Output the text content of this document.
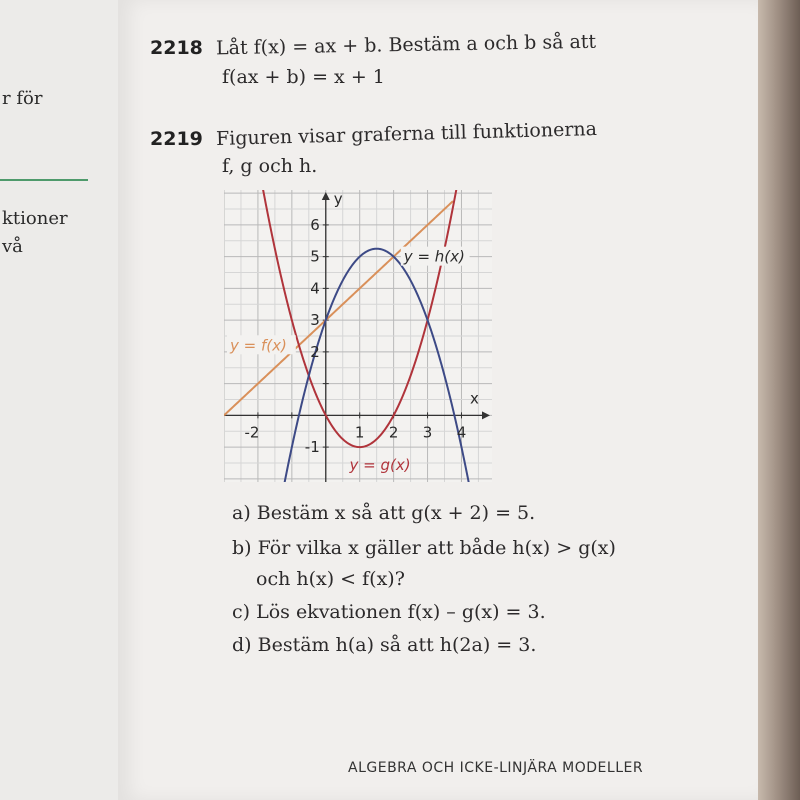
r för
ktioner
vå
2218 Låt f(x) = ax + b. Bestäm a och b så att
f(ax + b) = x + 1
2219 Figuren visar graferna till funktionerna
f, g och h.
-2	1 2 3 4
-1
2
3
4
5
6
x
y
y = h(x)
y = f(x)
y = g(x)
a) Bestäm x så att g(x + 2) = 5.
b) För vilka x gäller att både h(x) > g(x)
och h(x) < f(x)?
c) Lös ekvationen f(x) – g(x) = 3.
d) Bestäm h(a) så att h(2a) = 3.
ALGEBRA OCH ICKE-LINJÄRA MODELLER
